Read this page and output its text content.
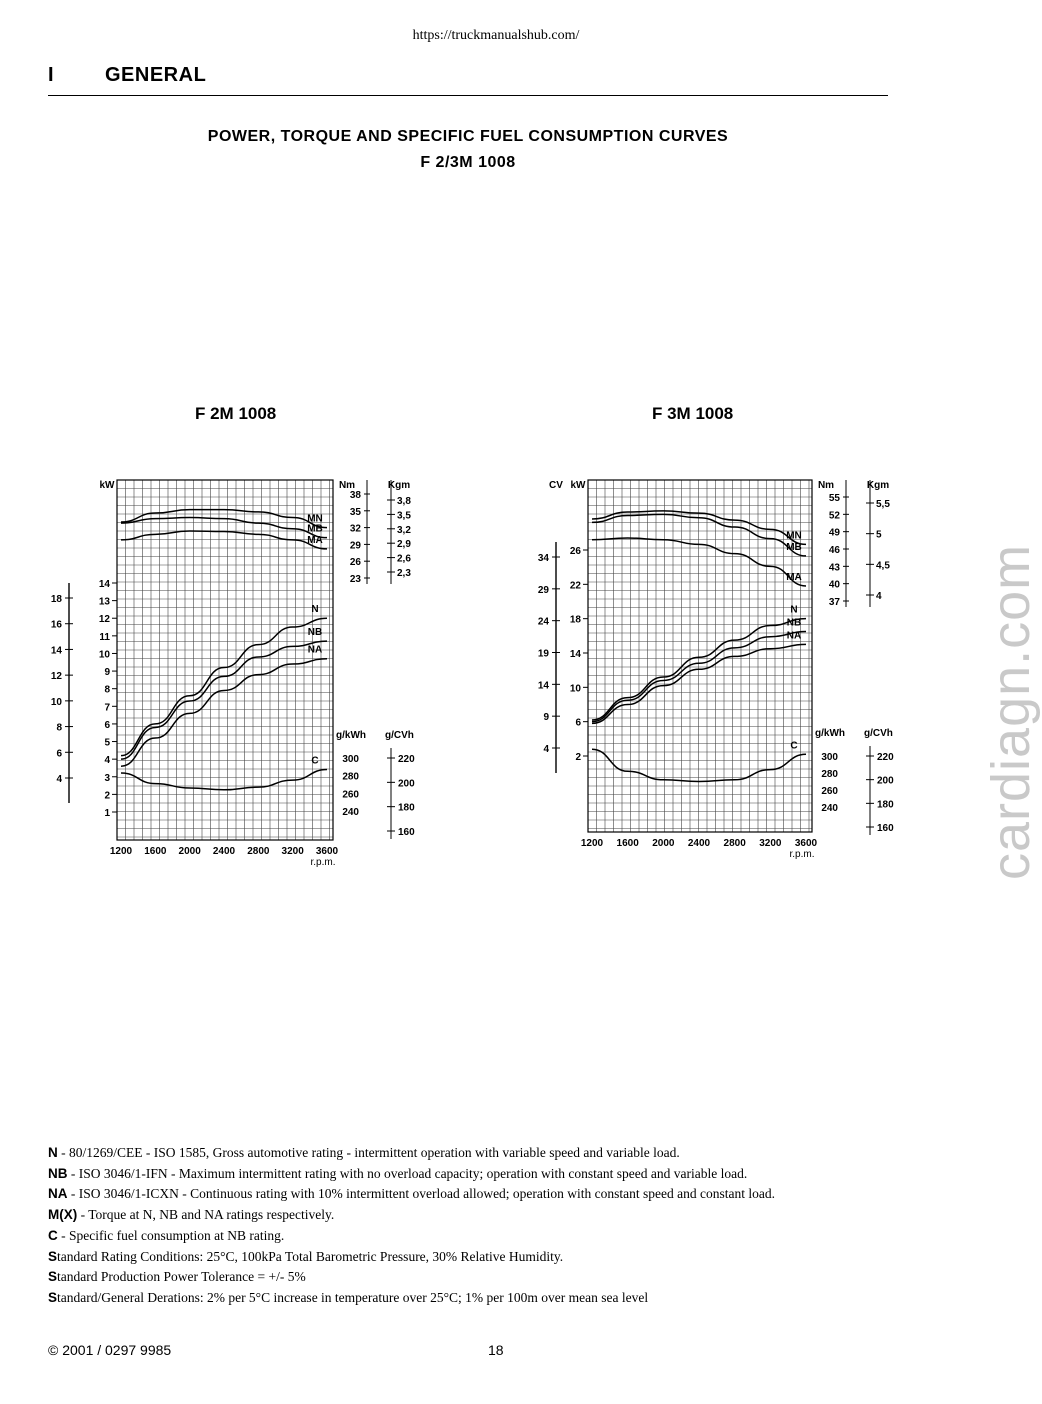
https://truckmanualshub.com/
I	GENERAL
POWER, TORQUE AND SPECIFIC FUEL CONSUMPTION CURVES
F 2/3M 1008
F 2M 1008	F 3M 1008
1200 1600 2000 2400 2800 3200 3600
r.p.m.
18
16
14
12
10
8
6
4
kW
14
13
12
11
10
9
8
7
6
5
4
3
2
1
Nm	Kgm
38
35
32
29
26
23
3,8
3,5
3,2
2,9
2,6
2,3
g/kWh g/CVh
300
280
260
240
220
200
180
160
MN
MB
MA
N
NB
NA
C
1200 1600 2000 2400 2800 3200 3600
r.p.m.
CV
34
29
24
19
14
9
4
kW
26
22
18
14
10
6
2
Nm	Kgm
55
52
49
46
43
40
37
5,5
5
4,5
4
g/kWh g/CVh
300
280
260
240
220
200
180
160
MN
MB
MA
N
NB
NA
C	cardiagn.com
N - 80/1269/CEE - ISO 1585, Gross automotive rating - intermittent operation with variable speed and variable load.
NB - ISO 3046/1-IFN - Maximum intermittent rating with no overload capacity; operation with constant speed and variable load.
NA - ISO 3046/1-ICXN - Continuous rating with 10% intermittent overload allowed; operation with constant speed and constant load.
M(X) - Torque at N, NB and NA ratings respectively.
C - Specific fuel consumption at NB rating.
Standard Rating Conditions: 25°C, 100kPa Total Barometric Pressure, 30% Relative Humidity.
Standard Production Power Tolerance = +/- 5%
Standard/General Derations: 2% per 5°C increase in temperature over 25°C; 1% per 100m over mean sea level
© 2001 / 0297 9985	18
